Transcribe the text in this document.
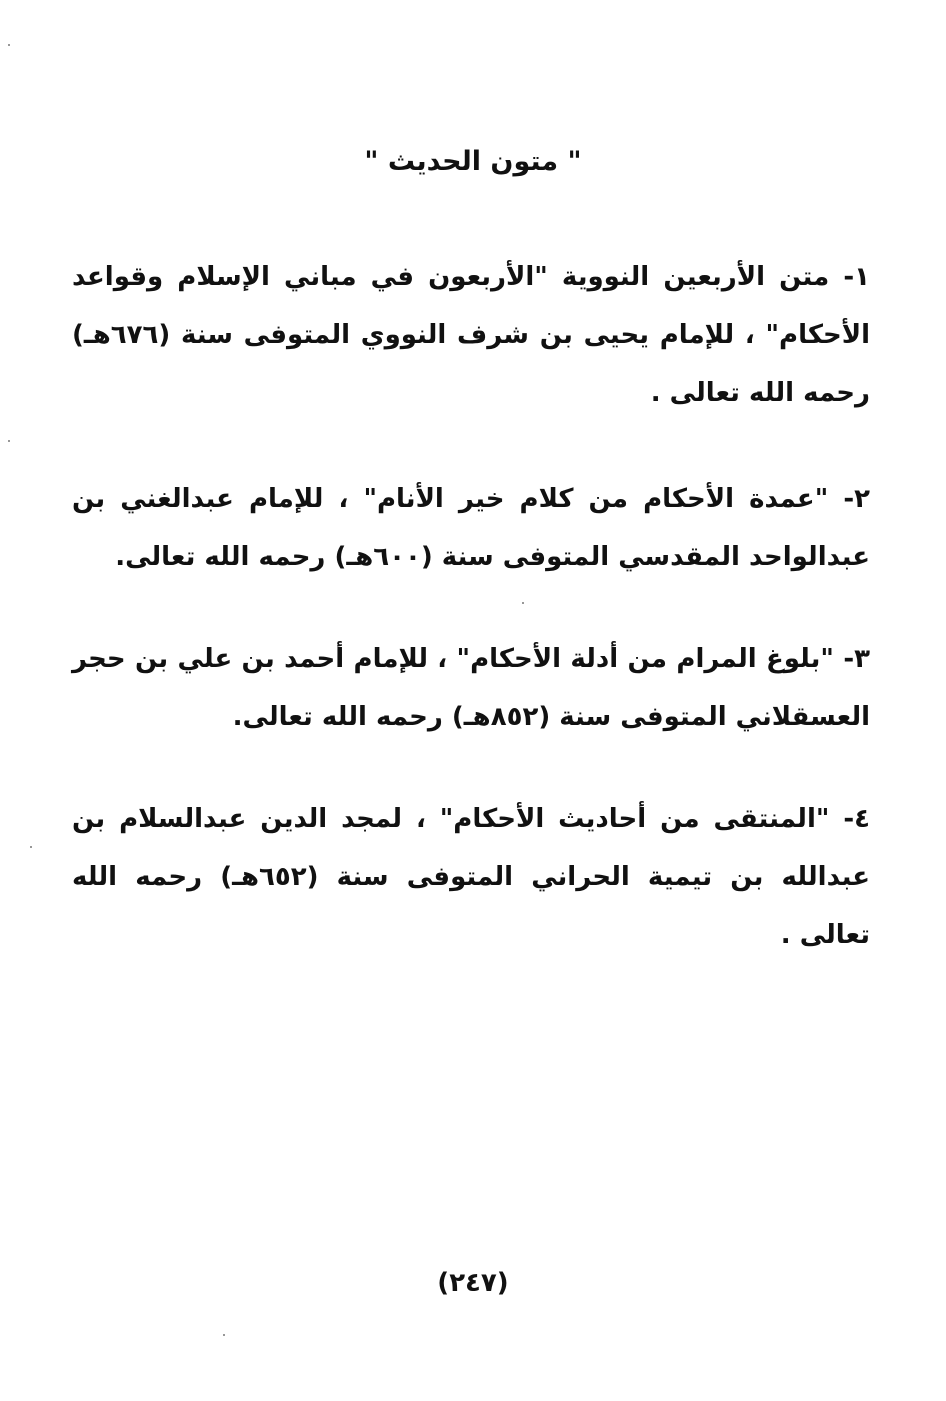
" متون الحديث "
١- متن الأربعين النووية "الأربعون في مباني الإسلام وقواعد الأحكام" ، للإمام يحيى بن شرف النووي المتوفى سنة (٦٧٦هـ) رحمه الله تعالى .
٢- "عمدة الأحكام من كلام خير الأنام" ، للإمام عبدالغني بن عبدالواحد المقدسي المتوفى سنة (٦٠٠هـ) رحمه الله تعالى.
٣- "بلوغ المرام من أدلة الأحكام" ، للإمام أحمد بن علي بن حجر العسقلاني المتوفى سنة (٨٥٢هـ) رحمه الله تعالى.
٤- "المنتقى من أحاديث الأحكام" ، لمجد الدين عبدالسلام بن عبدالله بن تيمية الحراني المتوفى سنة (٦٥٢هـ) رحمه الله تعالى .
(٢٤٧)
